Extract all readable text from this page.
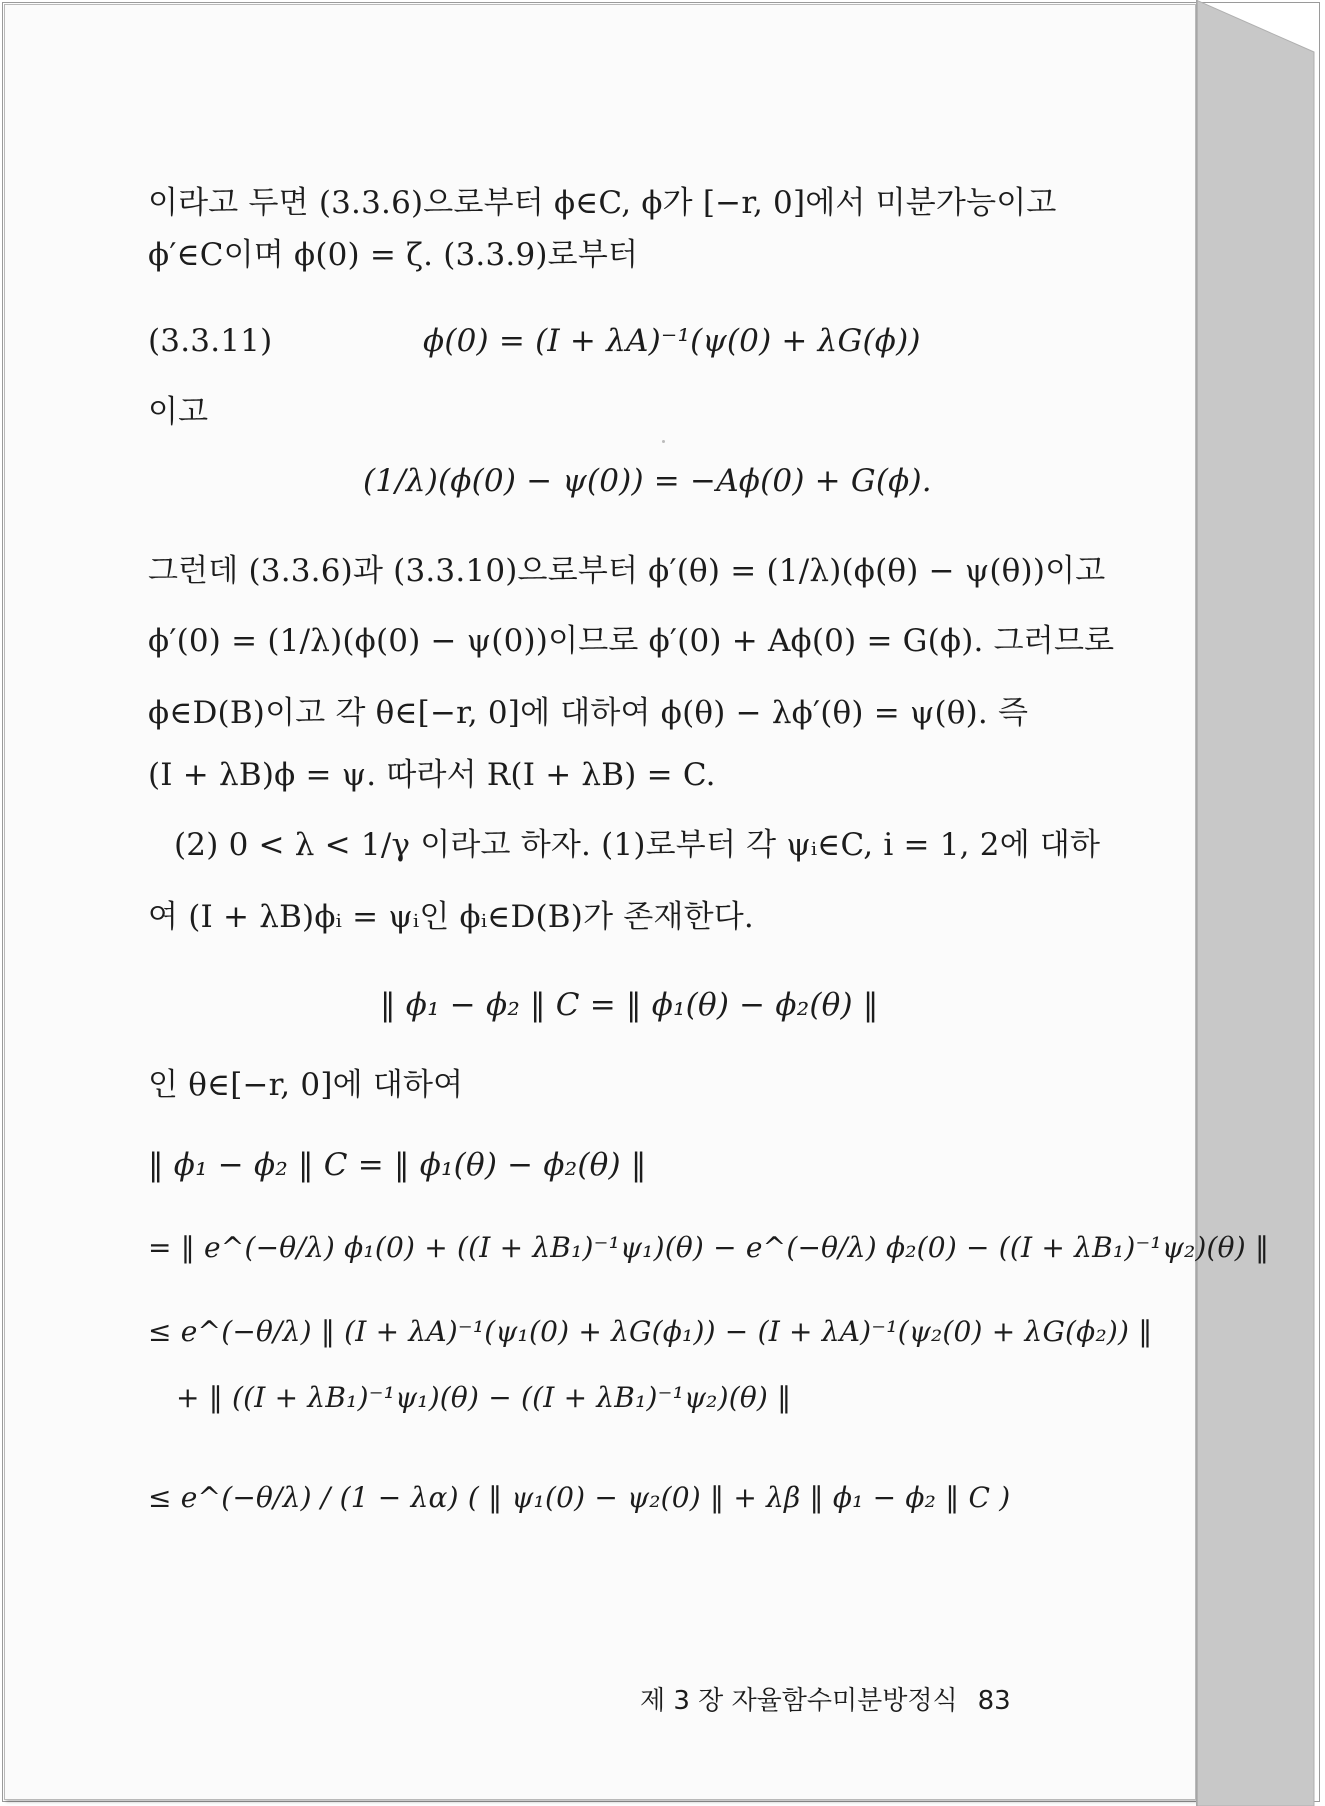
이라고 두면 (3.3.6)으로부터 ϕ∈C, ϕ가 [−r, 0]에서 미분가능이고
ϕ′∈C이며 ϕ(0) = ζ. (3.3.9)로부터
(3.3.11)	ϕ(0) = (I + λA)⁻¹(ψ(0) + λG(ϕ))
이고
(1/λ)(ϕ(0) − ψ(0)) = −Aϕ(0) + G(ϕ).
그런데 (3.3.6)과 (3.3.10)으로부터 ϕ′(θ) = (1/λ)(ϕ(θ) − ψ(θ))이고
ϕ′(0) = (1/λ)(ϕ(0) − ψ(0))이므로 ϕ′(0) + Aϕ(0) = G(ϕ). 그러므로
ϕ∈D(B)이고 각 θ∈[−r, 0]에 대하여 ϕ(θ) − λϕ′(θ) = ψ(θ). 즉
(I + λB)ϕ = ψ. 따라서 R(I + λB) = C.
(2) 0 < λ < 1/γ 이라고 하자. (1)로부터 각 ψᵢ∈C, i = 1, 2에 대하
여 (I + λB)ϕᵢ = ψᵢ인 ϕᵢ∈D(B)가 존재한다.
‖ ϕ₁ − ϕ₂ ‖ C = ‖ ϕ₁(θ) − ϕ₂(θ) ‖
인 θ∈[−r, 0]에 대하여
‖ ϕ₁ − ϕ₂ ‖ C = ‖ ϕ₁(θ) − ϕ₂(θ) ‖
= ‖ e^(−θ/λ) ϕ₁(0) + ((I + λB₁)⁻¹ψ₁)(θ) − e^(−θ/λ) ϕ₂(0) − ((I + λB₁)⁻¹ψ₂)(θ) ‖
≤ e^(−θ/λ) ‖ (I + λA)⁻¹(ψ₁(0) + λG(ϕ₁)) − (I + λA)⁻¹(ψ₂(0) + λG(ϕ₂)) ‖
+ ‖ ((I + λB₁)⁻¹ψ₁)(θ) − ((I + λB₁)⁻¹ψ₂)(θ) ‖
≤ e^(−θ/λ) / (1 − λα) ( ‖ ψ₁(0) − ψ₂(0) ‖ + λβ ‖ ϕ₁ − ϕ₂ ‖ C )
제 3 장 자율함수미분방정식 83
